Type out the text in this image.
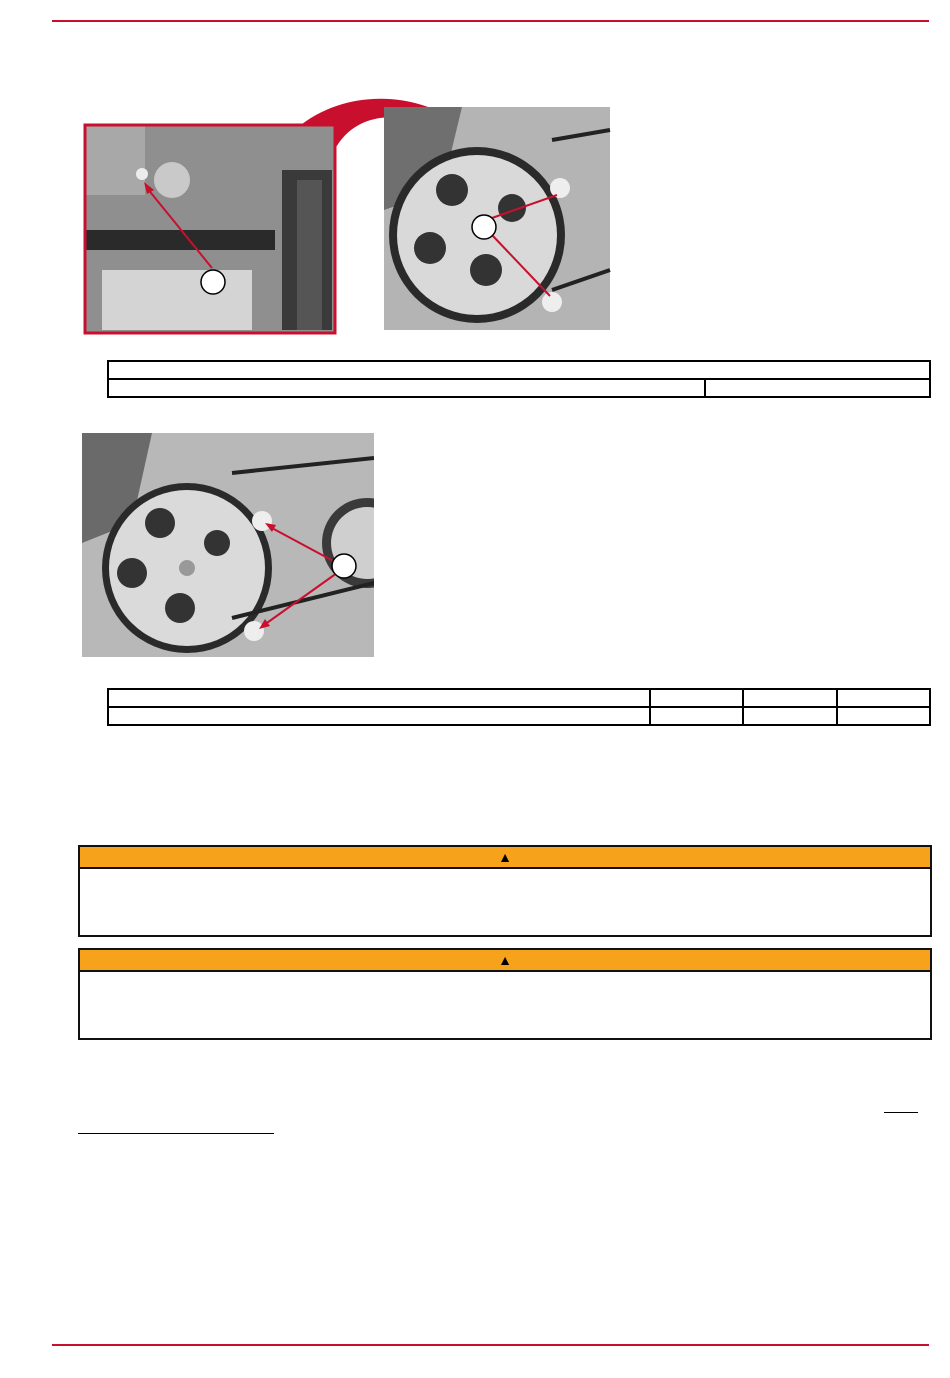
▲
▲
